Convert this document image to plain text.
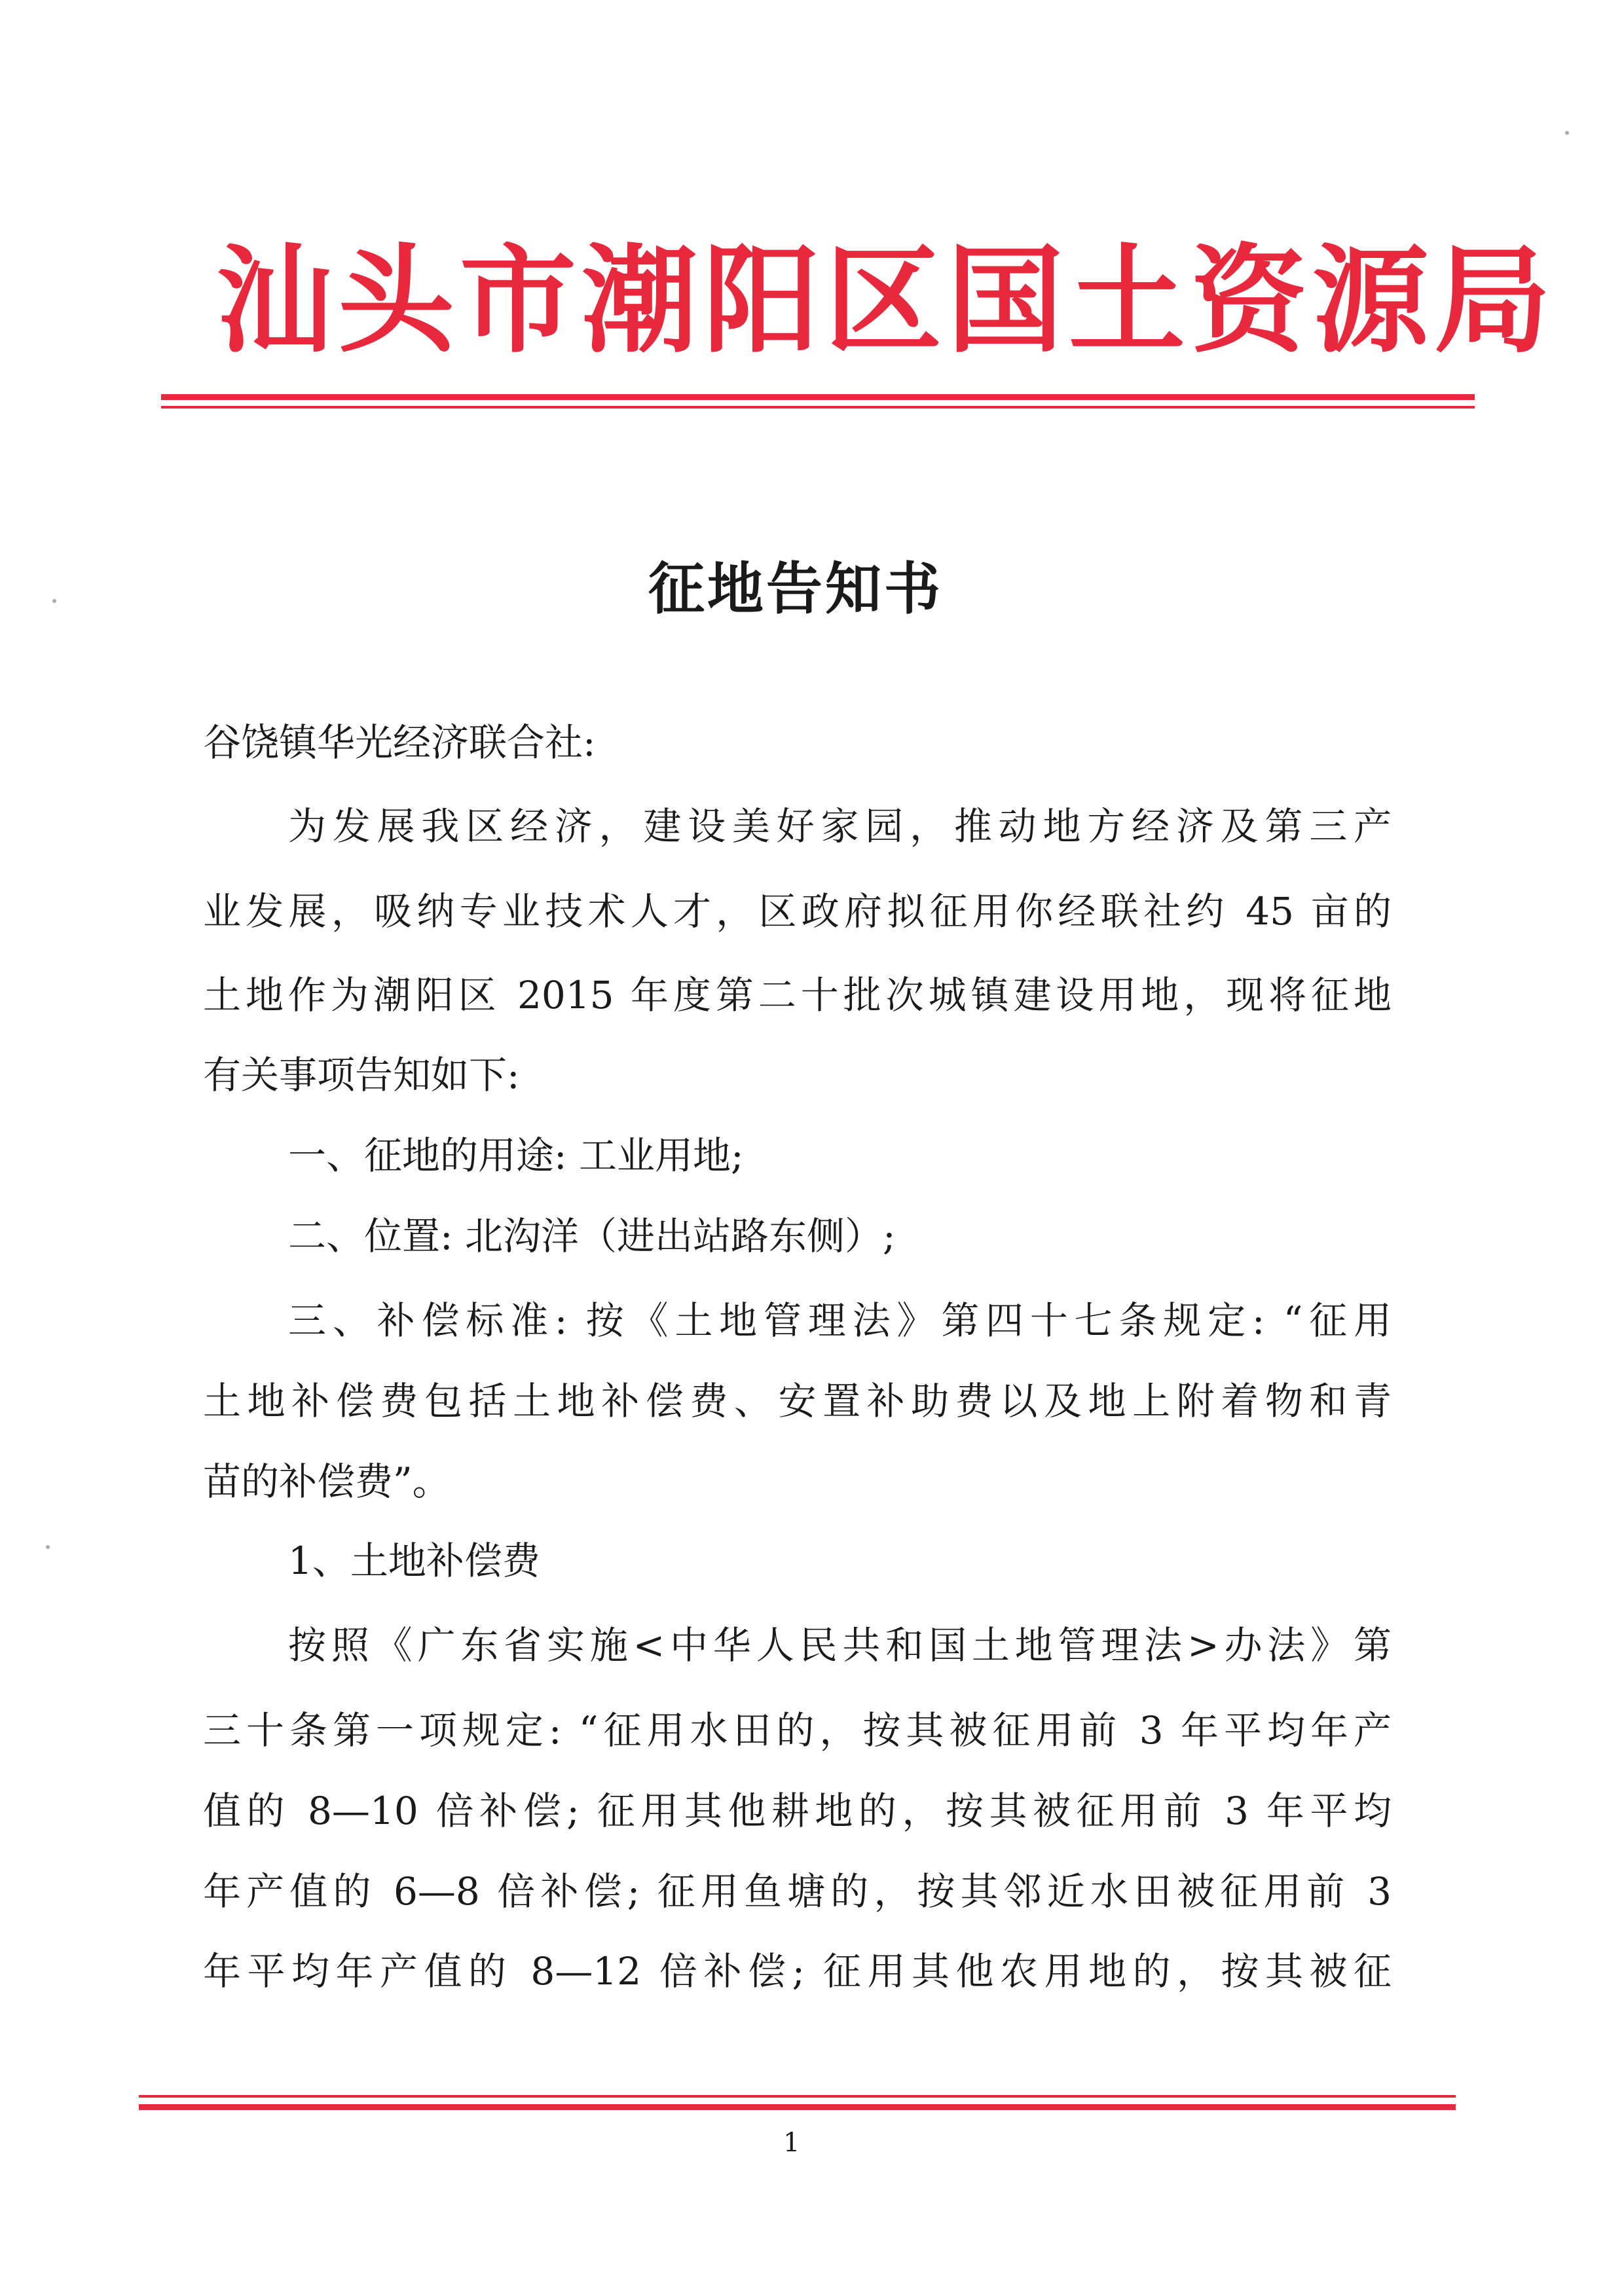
汕头市潮阳区国土资源局
征地告知书
谷饶镇华光经济联合社:
为发展我区经济，建设美好家园，推动地方经济及第三产
业发展，吸纳专业技术人才，区政府拟征用你经联社约 45 亩的
土地作为潮阳区 2015 年度第二十批次城镇建设用地，现将征地
有关事项告知如下:
一、征地的用途: 工业用地;
二、位置: 北沟洋（进出站路东侧）;
三、补偿标准: 按《土地管理法》第四十七条规定: “征用
土地补偿费包括土地补偿费、安置补助费以及地上附着物和青
苗的补偿费”。
1、土地补偿费
按照《广东省实施<中华人民共和国土地管理法>办法》第
三十条第一项规定: “征用水田的，按其被征用前 3 年平均年产
值的 8—10 倍补偿; 征用其他耕地的，按其被征用前 3 年平均
年产值的 6—8 倍补偿; 征用鱼塘的，按其邻近水田被征用前 3
年平均年产值的 8—12 倍补偿; 征用其他农用地的，按其被征
1
